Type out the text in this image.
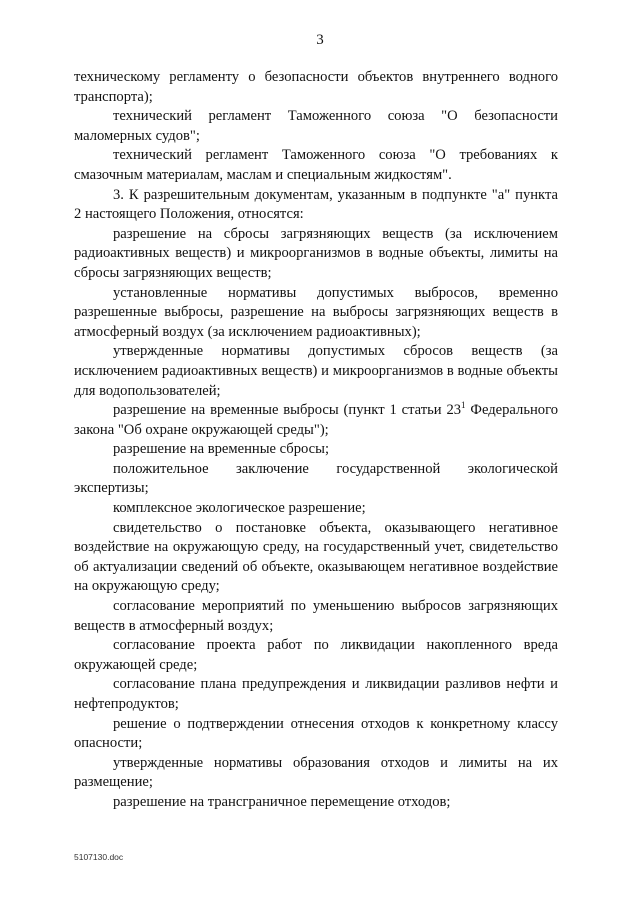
3

техническому регламенту о безопасности объектов внутреннего водного транспорта);

технический регламент Таможенного союза "О безопасности маломерных судов";

технический регламент Таможенного союза "О требованиях к смазочным материалам, маслам и специальным жидкостям".

3. К разрешительным документам, указанным в подпункте "а" пункта 2 настоящего Положения, относятся:

разрешение на сбросы загрязняющих веществ (за исключением радиоактивных веществ) и микроорганизмов в водные объекты, лимиты на сбросы загрязняющих веществ;

установленные нормативы допустимых выбросов, временно разрешенные выбросы, разрешение на выбросы загрязняющих веществ в атмосферный воздух (за исключением радиоактивных);

утвержденные нормативы допустимых сбросов веществ (за исключением радиоактивных веществ) и микроорганизмов в водные объекты для водопользователей;

разрешение на временные выбросы (пункт 1 статьи $23^1$ Федерального закона "Об охране окружающей среды");

разрешение на временные сбросы;

положительное заключение государственной экологической экспертизы;

комплексное экологическое разрешение;

свидетельство о постановке объекта, оказывающего негативное воздействие на окружающую среду, на государственный учет, свидетельство об актуализации сведений об объекте, оказывающем негативное воздействие на окружающую среду;

согласование мероприятий по уменьшению выбросов загрязняющих веществ в атмосферный воздух;

согласование проекта работ по ликвидации накопленного вреда окружающей среде;

согласование плана предупреждения и ликвидации разливов нефти и нефтепродуктов;

решение о подтверждении отнесения отходов к конкретному классу опасности;

утвержденные нормативы образования отходов и лимиты на их размещение;

разрешение на трансграничное перемещение отходов;

5107130.doc
